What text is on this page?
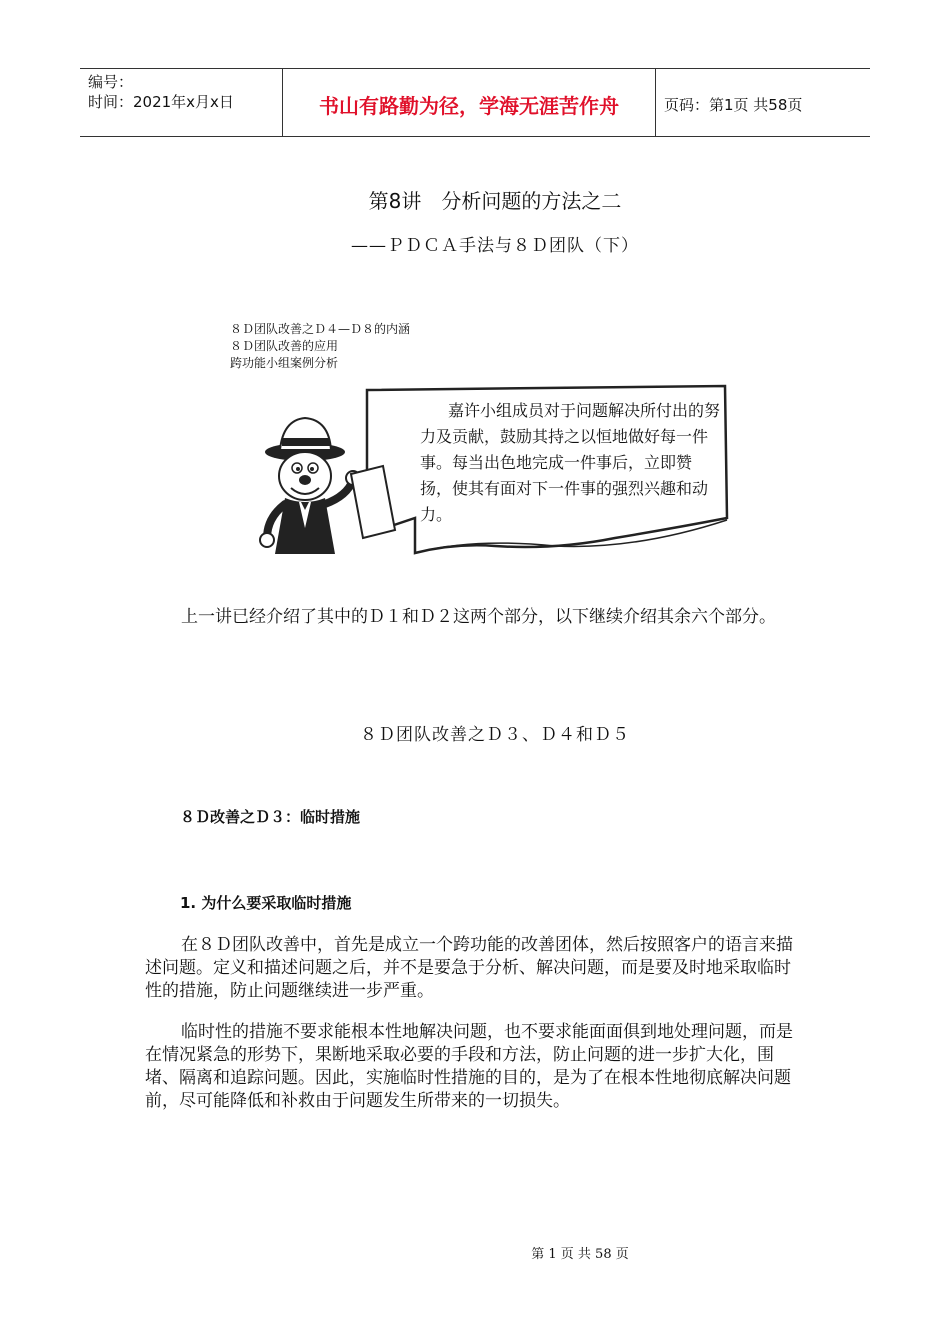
编号：
时间：2021年x月x日	书山有路勤为径，学海无涯苦作舟	页码：第1页 共58页
第8讲　分析问题的方法之二
——ＰＤＣＡ手法与８Ｄ团队（下）
８Ｄ团队改善之Ｄ４—Ｄ８的内涵
８Ｄ团队改善的应用
跨功能小组案例分析
嘉许小组成员对于问题解决所付出的努力及贡献，鼓励其持之以恒地做好每一件事。每当出色地完成一件事后，立即赞扬，使其有面对下一件事的强烈兴趣和动力。
上一讲已经介绍了其中的Ｄ１和Ｄ２这两个部分，以下继续介绍其余六个部分。
８Ｄ团队改善之Ｄ３、Ｄ４和Ｄ５
８Ｄ改善之Ｄ３：临时措施
1. 为什么要采取临时措施
在８Ｄ团队改善中，首先是成立一个跨功能的改善团体，然后按照客户的语言来描述问题。定义和描述问题之后，并不是要急于分析、解决问题，而是要及时地采取临时性的措施，防止问题继续进一步严重。
临时性的措施不要求能根本性地解决问题，也不要求能面面俱到地处理问题，而是在情况紧急的形势下，果断地采取必要的手段和方法，防止问题的进一步扩大化，围堵、隔离和追踪问题。因此，实施临时性措施的目的，是为了在根本性地彻底解决问题前，尽可能降低和补救由于问题发生所带来的一切损失。
第 1 页 共 58 页
